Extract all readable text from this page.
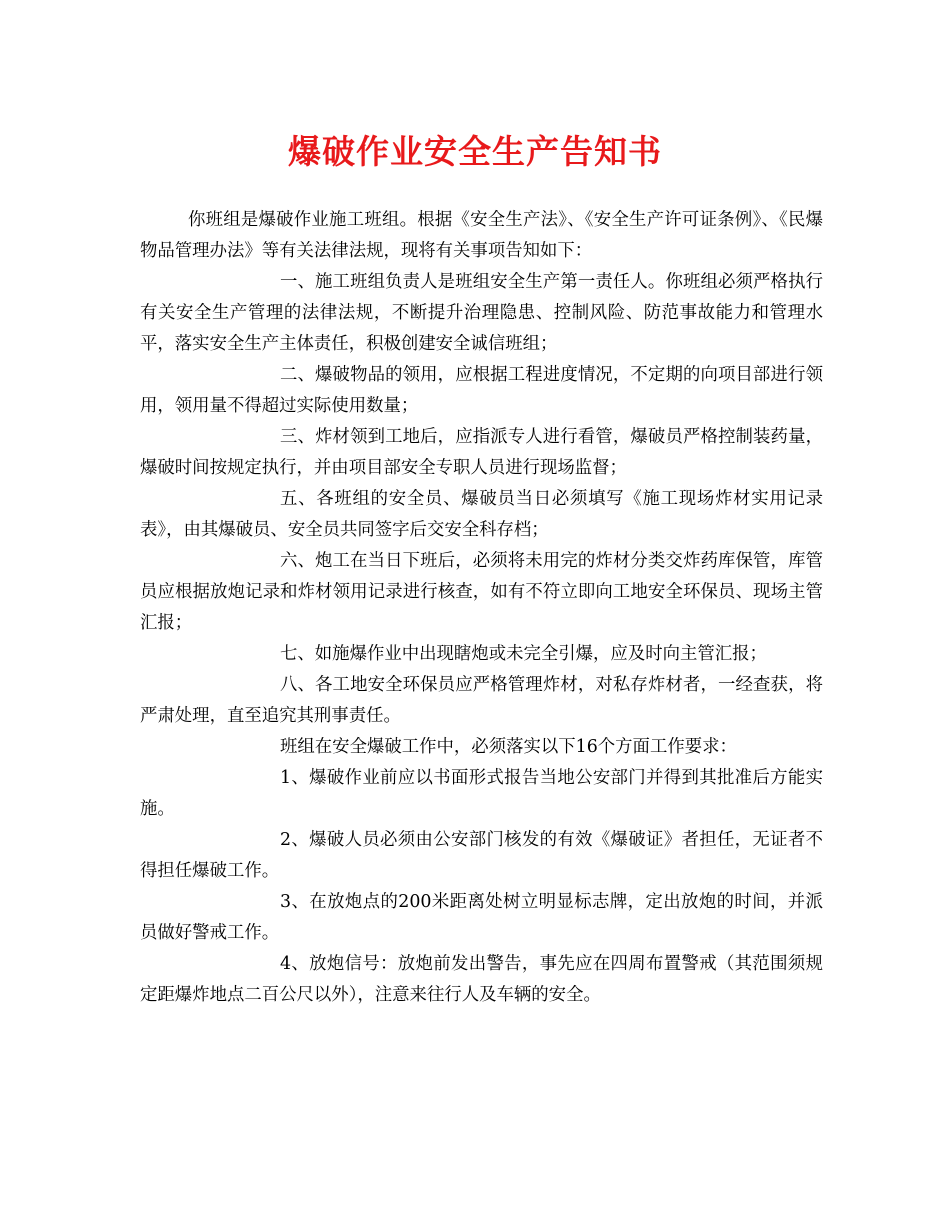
爆破作业安全生产告知书

你班组是爆破作业施工班组。根据《安全生产法》、《安全生产许可证条例》、《民爆物品管理办法》等有关法律法规，现将有关事项告知如下：

一、施工班组负责人是班组安全生产第一责任人。你班组必须严格执行有关安全生产管理的法律法规，不断提升治理隐患、控制风险、防范事故能力和管理水平，落实安全生产主体责任，积极创建安全诚信班组；

二、爆破物品的领用，应根据工程进度情况，不定期的向项目部进行领用，领用量不得超过实际使用数量；

三、炸材领到工地后，应指派专人进行看管，爆破员严格控制装药量，爆破时间按规定执行，并由项目部安全专职人员进行现场监督；

五、各班组的安全员、爆破员当日必须填写《施工现场炸材实用记录表》，由其爆破员、安全员共同签字后交安全科存档；

六、炮工在当日下班后，必须将未用完的炸材分类交炸药库保管，库管员应根据放炮记录和炸材领用记录进行核查，如有不符立即向工地安全环保员、现场主管汇报；

七、如施爆作业中出现瞎炮或未完全引爆，应及时向主管汇报；

八、各工地安全环保员应严格管理炸材，对私存炸材者，一经查获，将严肃处理，直至追究其刑事责任。

班组在安全爆破工作中，必须落实以下16个方面工作要求：

1、爆破作业前应以书面形式报告当地公安部门并得到其批准后方能实施。

2、爆破人员必须由公安部门核发的有效《爆破证》者担任，无证者不得担任爆破工作。

3、在放炮点的200米距离处树立明显标志牌，定出放炮的时间，并派员做好警戒工作。

4、放炮信号：放炮前发出警告，事先应在四周布置警戒（其范围须规定距爆炸地点二百公尺以外），注意来往行人及车辆的安全。
